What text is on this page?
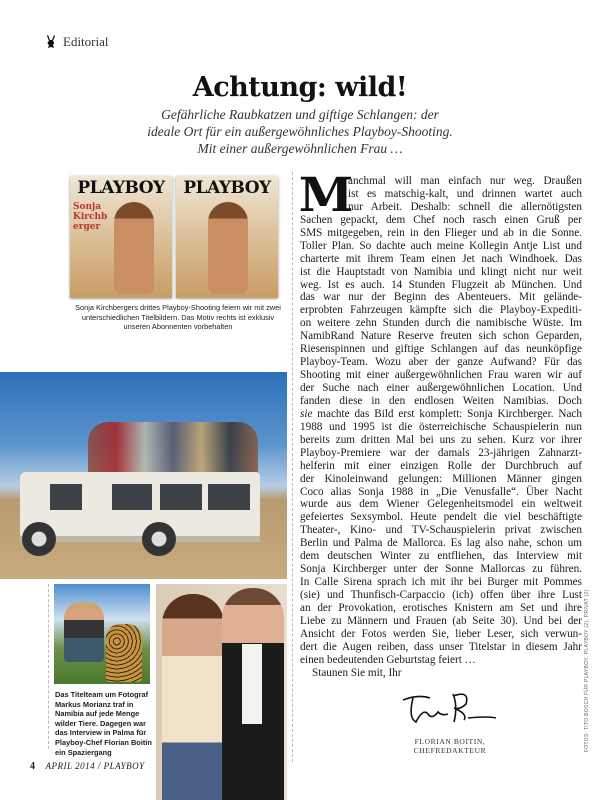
Editorial
Achtung: wild!
Gefährliche Raubkatzen und giftige Schlangen: der
ideale Ort für ein außergewöhnliches Playboy-Shooting.
Mit einer außergewöhnlichen Frau …
PLAYBOY
Sonja Kirchberger
PLAYBOY
Sonja Kirchbergers drittes Playboy-Shooting feiern wir mit zwei unterschiedlichen Titelbildern. Das Motiv rechts ist exklusiv unseren Abonnenten vorbehalten
Das Titelteam um Fotograf Markus Morianz traf in Namibia auf jede Menge wilder Tiere. Dagegen war das Interview in Palma für Playboy-Chef Florian Boitin ein Spaziergang
4 APRIL 2014 / PLAYBOY
M
anchmal will man einfach nur weg. Draußen
ist es matschig-kalt, und drinnen wartet auch
nur Arbeit. Deshalb: schnell die allernötigsten
Sachen gepackt, dem Chef noch rasch einen Gruß per
SMS mitgegeben, rein in den Flieger und ab in die Sonne.
Toller Plan. So dachte auch meine Kollegin Antje List und
charterte mit ihrem Team einen Jet nach Windhoek. Das
ist die Hauptstadt von Namibia und klingt nicht nur weit
weg. Ist es auch. 14 Stunden Flugzeit ab München. Und
das war nur der Beginn des Abenteuers. Mit gelände-
erprobten Fahrzeugen kämpfte sich die Playboy-Expediti-
on weitere zehn Stunden durch die namibische Wüste. Im
NamibRand Nature Reserve freuten sich schon Geparden,
Riesenspinnen und giftige Schlangen auf das neunköpfige
Playboy-Team. Wozu aber der ganze Aufwand? Für das
Shooting mit einer außergewöhnlichen Frau waren wir auf
der Suche nach einer außergewöhnlichen Location. Und
fanden diese in den endlosen Weiten Namibias. Doch
sie machte das Bild erst komplett: Sonja Kirchberger. Nach
1988 und 1995 ist die österreichische Schauspielerin nun
bereits zum dritten Mal bei uns zu sehen. Kurz vor ihrer
Playboy-Premiere war der damals 23-jährigen Zahnarzt-
helferin mit einer einzigen Rolle der Durchbruch auf
der Kinoleinwand gelungen: Millionen Männer gingen
Coco alias Sonja 1988 in „Die Venusfalle“. Über Nacht
wurde aus dem Wiener Gelegenheitsmodel ein weltweit
gefeiertes Sexsymbol. Heute pendelt die viel beschäftigte
Theater-, Kino- und TV-Schauspielerin privat zwischen
Berlin und Palma de Mallorca. Es lag also nahe, schon um
dem deutschen Winter zu entfliehen, das Interview mit
Sonja Kirchberger unter der Sonne Mallorcas zu führen.
In Calle Sirena sprach ich mit ihr bei Burger mit Pommes
(sie) und Thunfisch-Carpaccio (ich) offen über ihre Lust
an der Provokation, erotisches Knistern am Set und ihre
Liebe zu Männern und Frauen (ab Seite 30). Und bei der
Ansicht der Fotos werden Sie, lieber Leser, sich verwun-
dert die Augen reiben, dass unser Titelstar in diesem Jahr
einen bedeutenden Geburtstag feiert …
Staunen Sie mit, Ihr
FLORIAN BOITIN, CHEFREDAKTEUR	FOTOS: TITO BOSCH FÜR PLAYBOY, PLAYBOY (2), PRIVAT (2)
